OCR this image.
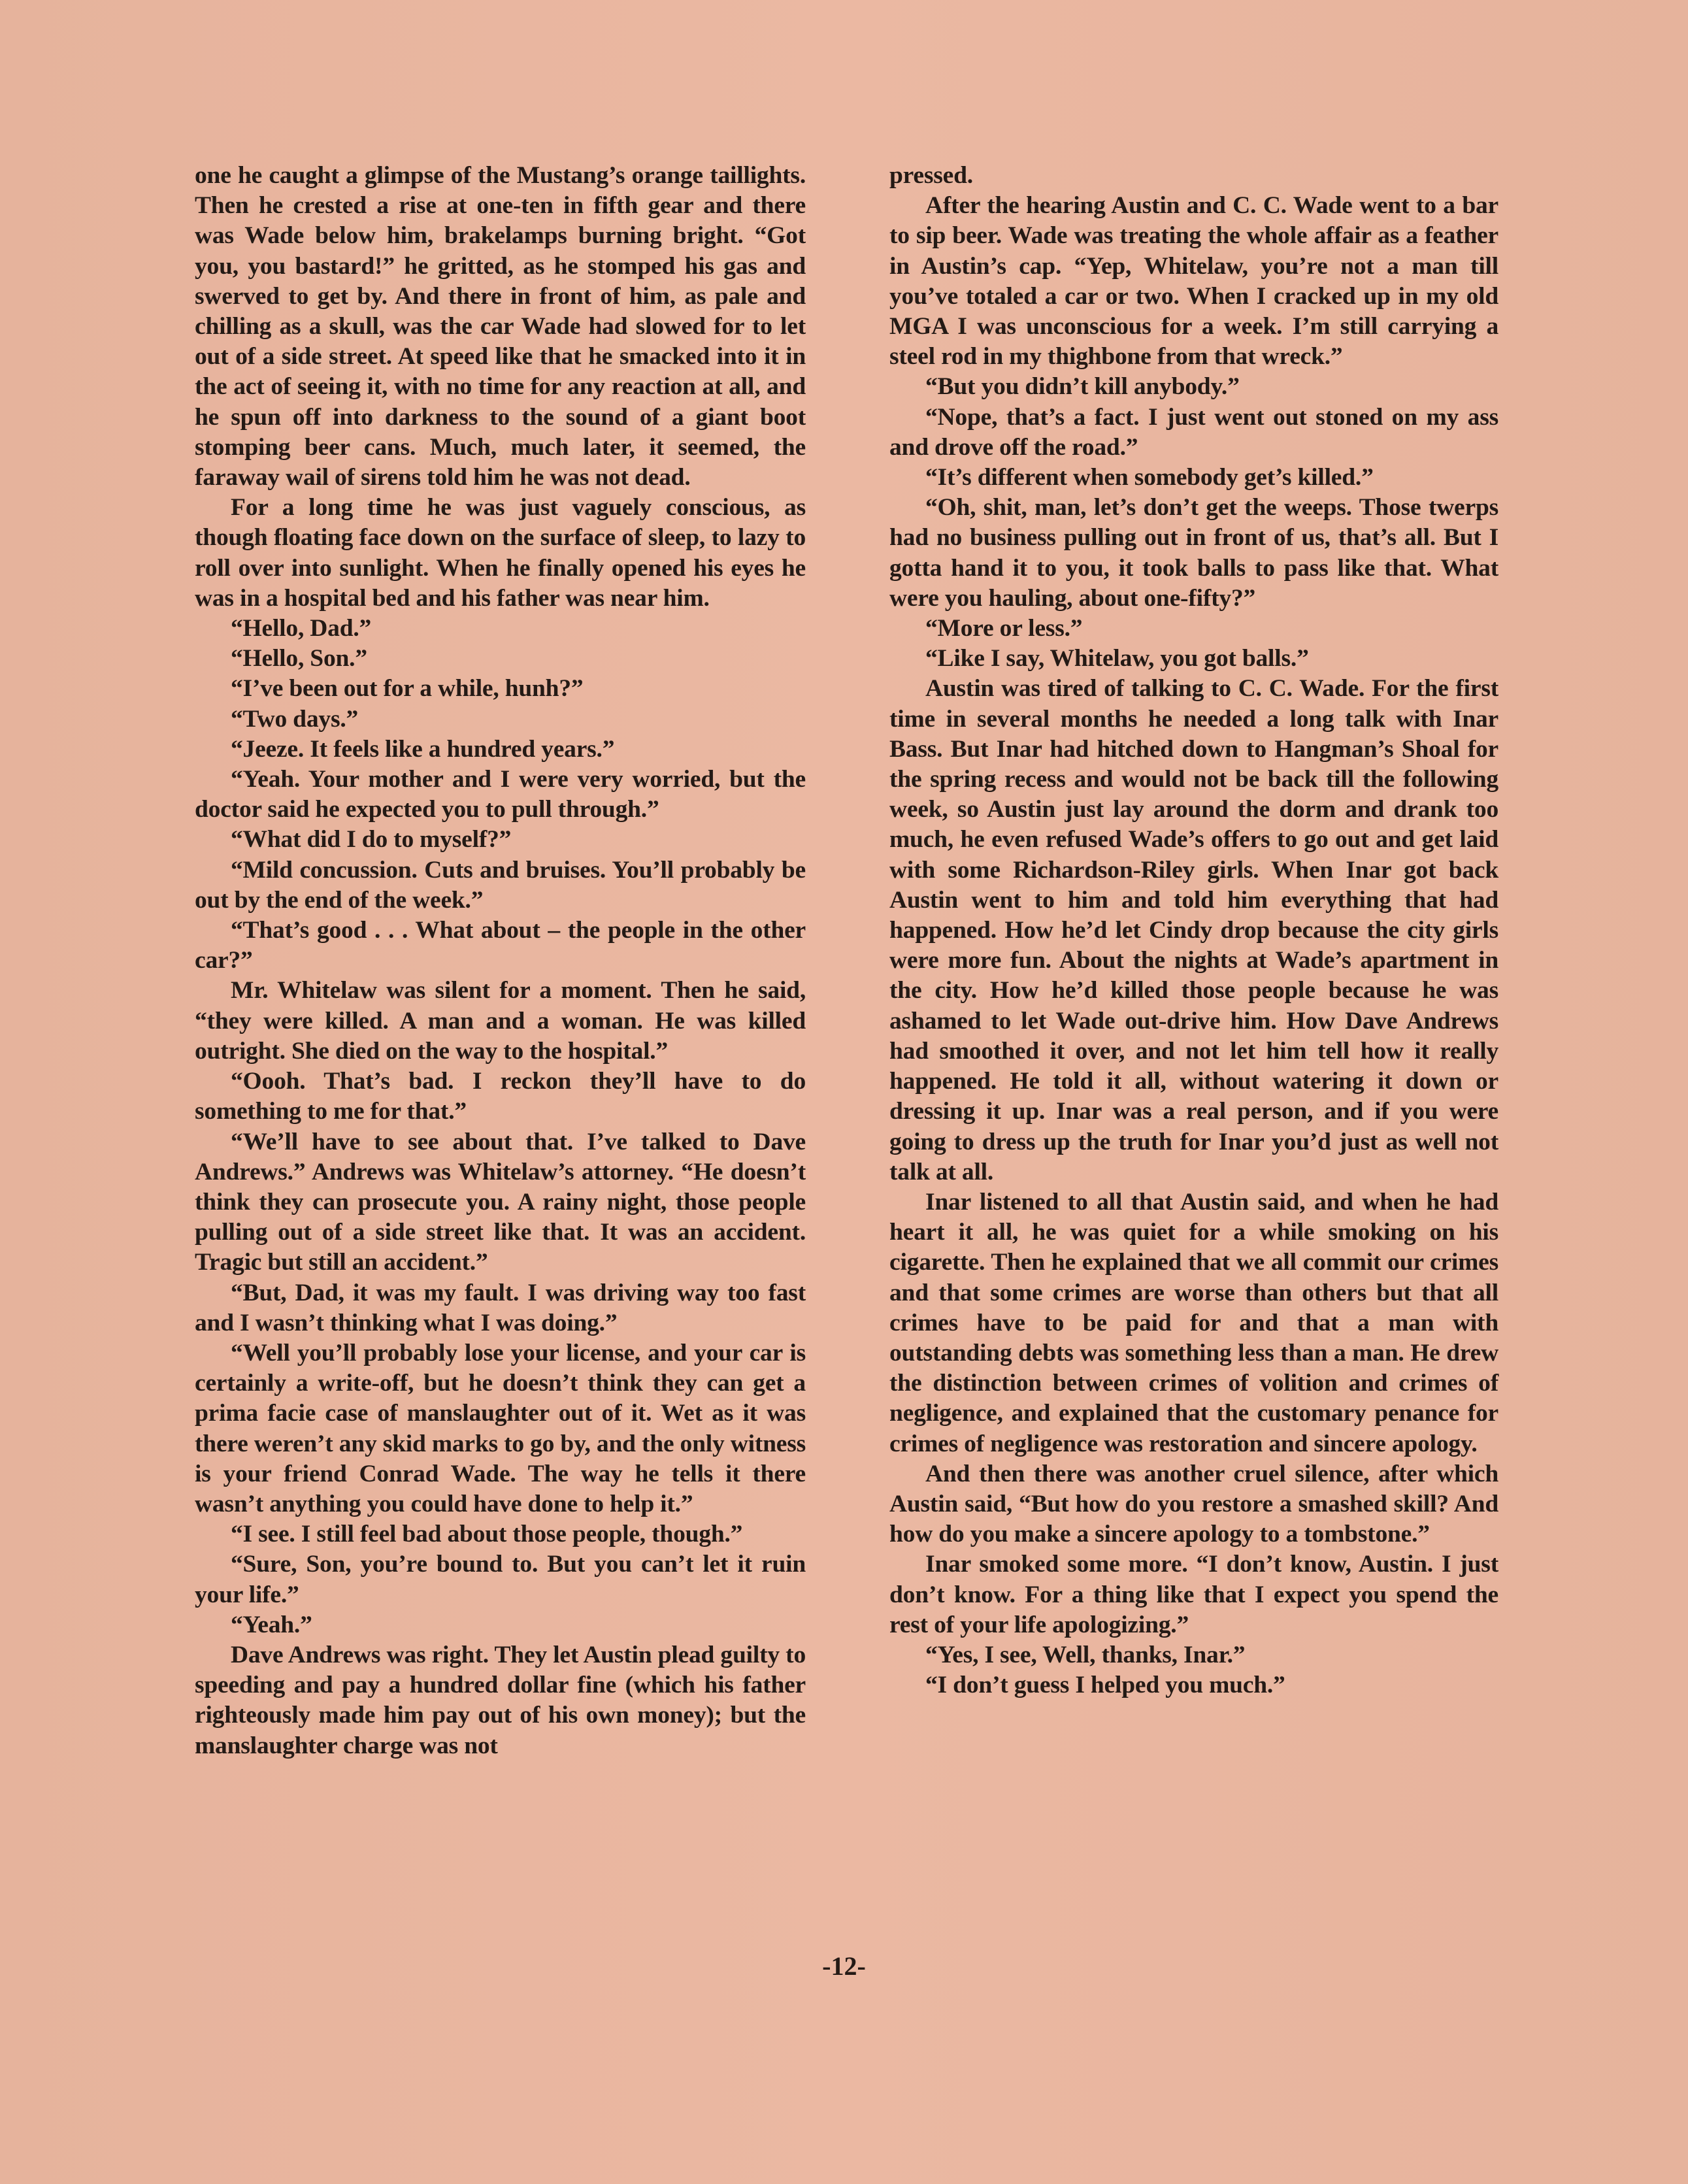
one he caught a glimpse of the Mustang’s orange taillights. Then he crested a rise at one-ten in fifth gear and there was Wade below him, brakelamps burning bright. “Got you, you bastard!” he gritted, as he stomped his gas and swerved to get by. And there in front of him, as pale and chilling as a skull, was the car Wade had slowed for to let out of a side street. At speed like that he smacked into it in the act of seeing it, with no time for any reaction at all, and he spun off into darkness to the sound of a giant boot stomping beer cans. Much, much later, it seemed, the faraway wail of sirens told him he was not dead.

For a long time he was just vaguely conscious, as though floating face down on the surface of sleep, to lazy to roll over into sunlight. When he finally opened his eyes he was in a hospital bed and his father was near him.

“Hello, Dad.”

“Hello, Son.”

“I’ve been out for a while, hunh?”

“Two days.”

“Jeeze. It feels like a hundred years.”

“Yeah. Your mother and I were very worried, but the doctor said he expected you to pull through.”

“What did I do to myself?”

“Mild concussion. Cuts and bruises. You’ll probably be out by the end of the week.”

“That’s good . . . What about – the people in the other car?”

Mr. Whitelaw was silent for a moment. Then he said, “they were killed. A man and a woman. He was killed outright. She died on the way to the hospital.”

“Oooh. That’s bad. I reckon they’ll have to do something to me for that.”

“We’ll have to see about that. I’ve talked to Dave Andrews.” Andrews was Whitelaw’s attorney. “He doesn’t think they can prosecute you. A rainy night, those people pulling out of a side street like that. It was an accident. Tragic but still an accident.”

“But, Dad, it was my fault. I was driving way too fast and I wasn’t thinking what I was doing.”

“Well you’ll probably lose your license, and your car is certainly a write-off, but he doesn’t think they can get a prima facie case of manslaughter out of it. Wet as it was there weren’t any skid marks to go by, and the only witness is your friend Conrad Wade. The way he tells it there wasn’t anything you could have done to help it.”

“I see. I still feel bad about those people, though.”

“Sure, Son, you’re bound to. But you can’t let it ruin your life.”

“Yeah.”

Dave Andrews was right. They let Austin plead guilty to speeding and pay a hundred dollar fine (which his father righteously made him pay out of his own money); but the manslaughter charge was not

pressed.

After the hearing Austin and C. C. Wade went to a bar to sip beer. Wade was treating the whole affair as a feather in Austin’s cap. “Yep, Whitelaw, you’re not a man till you’ve totaled a car or two. When I cracked up in my old MGA I was unconscious for a week. I’m still carrying a steel rod in my thighbone from that wreck.”

“But you didn’t kill anybody.”

“Nope, that’s a fact. I just went out stoned on my ass and drove off the road.”

“It’s different when somebody get’s killed.”

“Oh, shit, man, let’s don’t get the weeps. Those twerps had no business pulling out in front of us, that’s all. But I gotta hand it to you, it took balls to pass like that. What were you hauling, about one-fifty?”

“More or less.”

“Like I say, Whitelaw, you got balls.”

Austin was tired of talking to C. C. Wade. For the first time in several months he needed a long talk with Inar Bass. But Inar had hitched down to Hangman’s Shoal for the spring recess and would not be back till the following week, so Austin just lay around the dorm and drank too much, he even refused Wade’s offers to go out and get laid with some Richardson-Riley girls. When Inar got back Austin went to him and told him everything that had happened. How he’d let Cindy drop because the city girls were more fun. About the nights at Wade’s apartment in the city. How he’d killed those people because he was ashamed to let Wade out-drive him. How Dave Andrews had smoothed it over, and not let him tell how it really happened. He told it all, without watering it down or dressing it up. Inar was a real person, and if you were going to dress up the truth for Inar you’d just as well not talk at all.

Inar listened to all that Austin said, and when he had heart it all, he was quiet for a while smoking on his cigarette. Then he explained that we all commit our crimes and that some crimes are worse than others but that all crimes have to be paid for and that a man with outstanding debts was something less than a man. He drew the distinction between crimes of volition and crimes of negligence, and explained that the customary penance for crimes of negligence was restoration and sincere apology.

And then there was another cruel silence, after which Austin said, “But how do you restore a smashed skill? And how do you make a sincere apology to a tombstone.”

Inar smoked some more. “I don’t know, Austin. I just don’t know. For a thing like that I expect you spend the rest of your life apologizing.”

“Yes, I see, Well, thanks, Inar.”

“I don’t guess I helped you much.”

-12-
